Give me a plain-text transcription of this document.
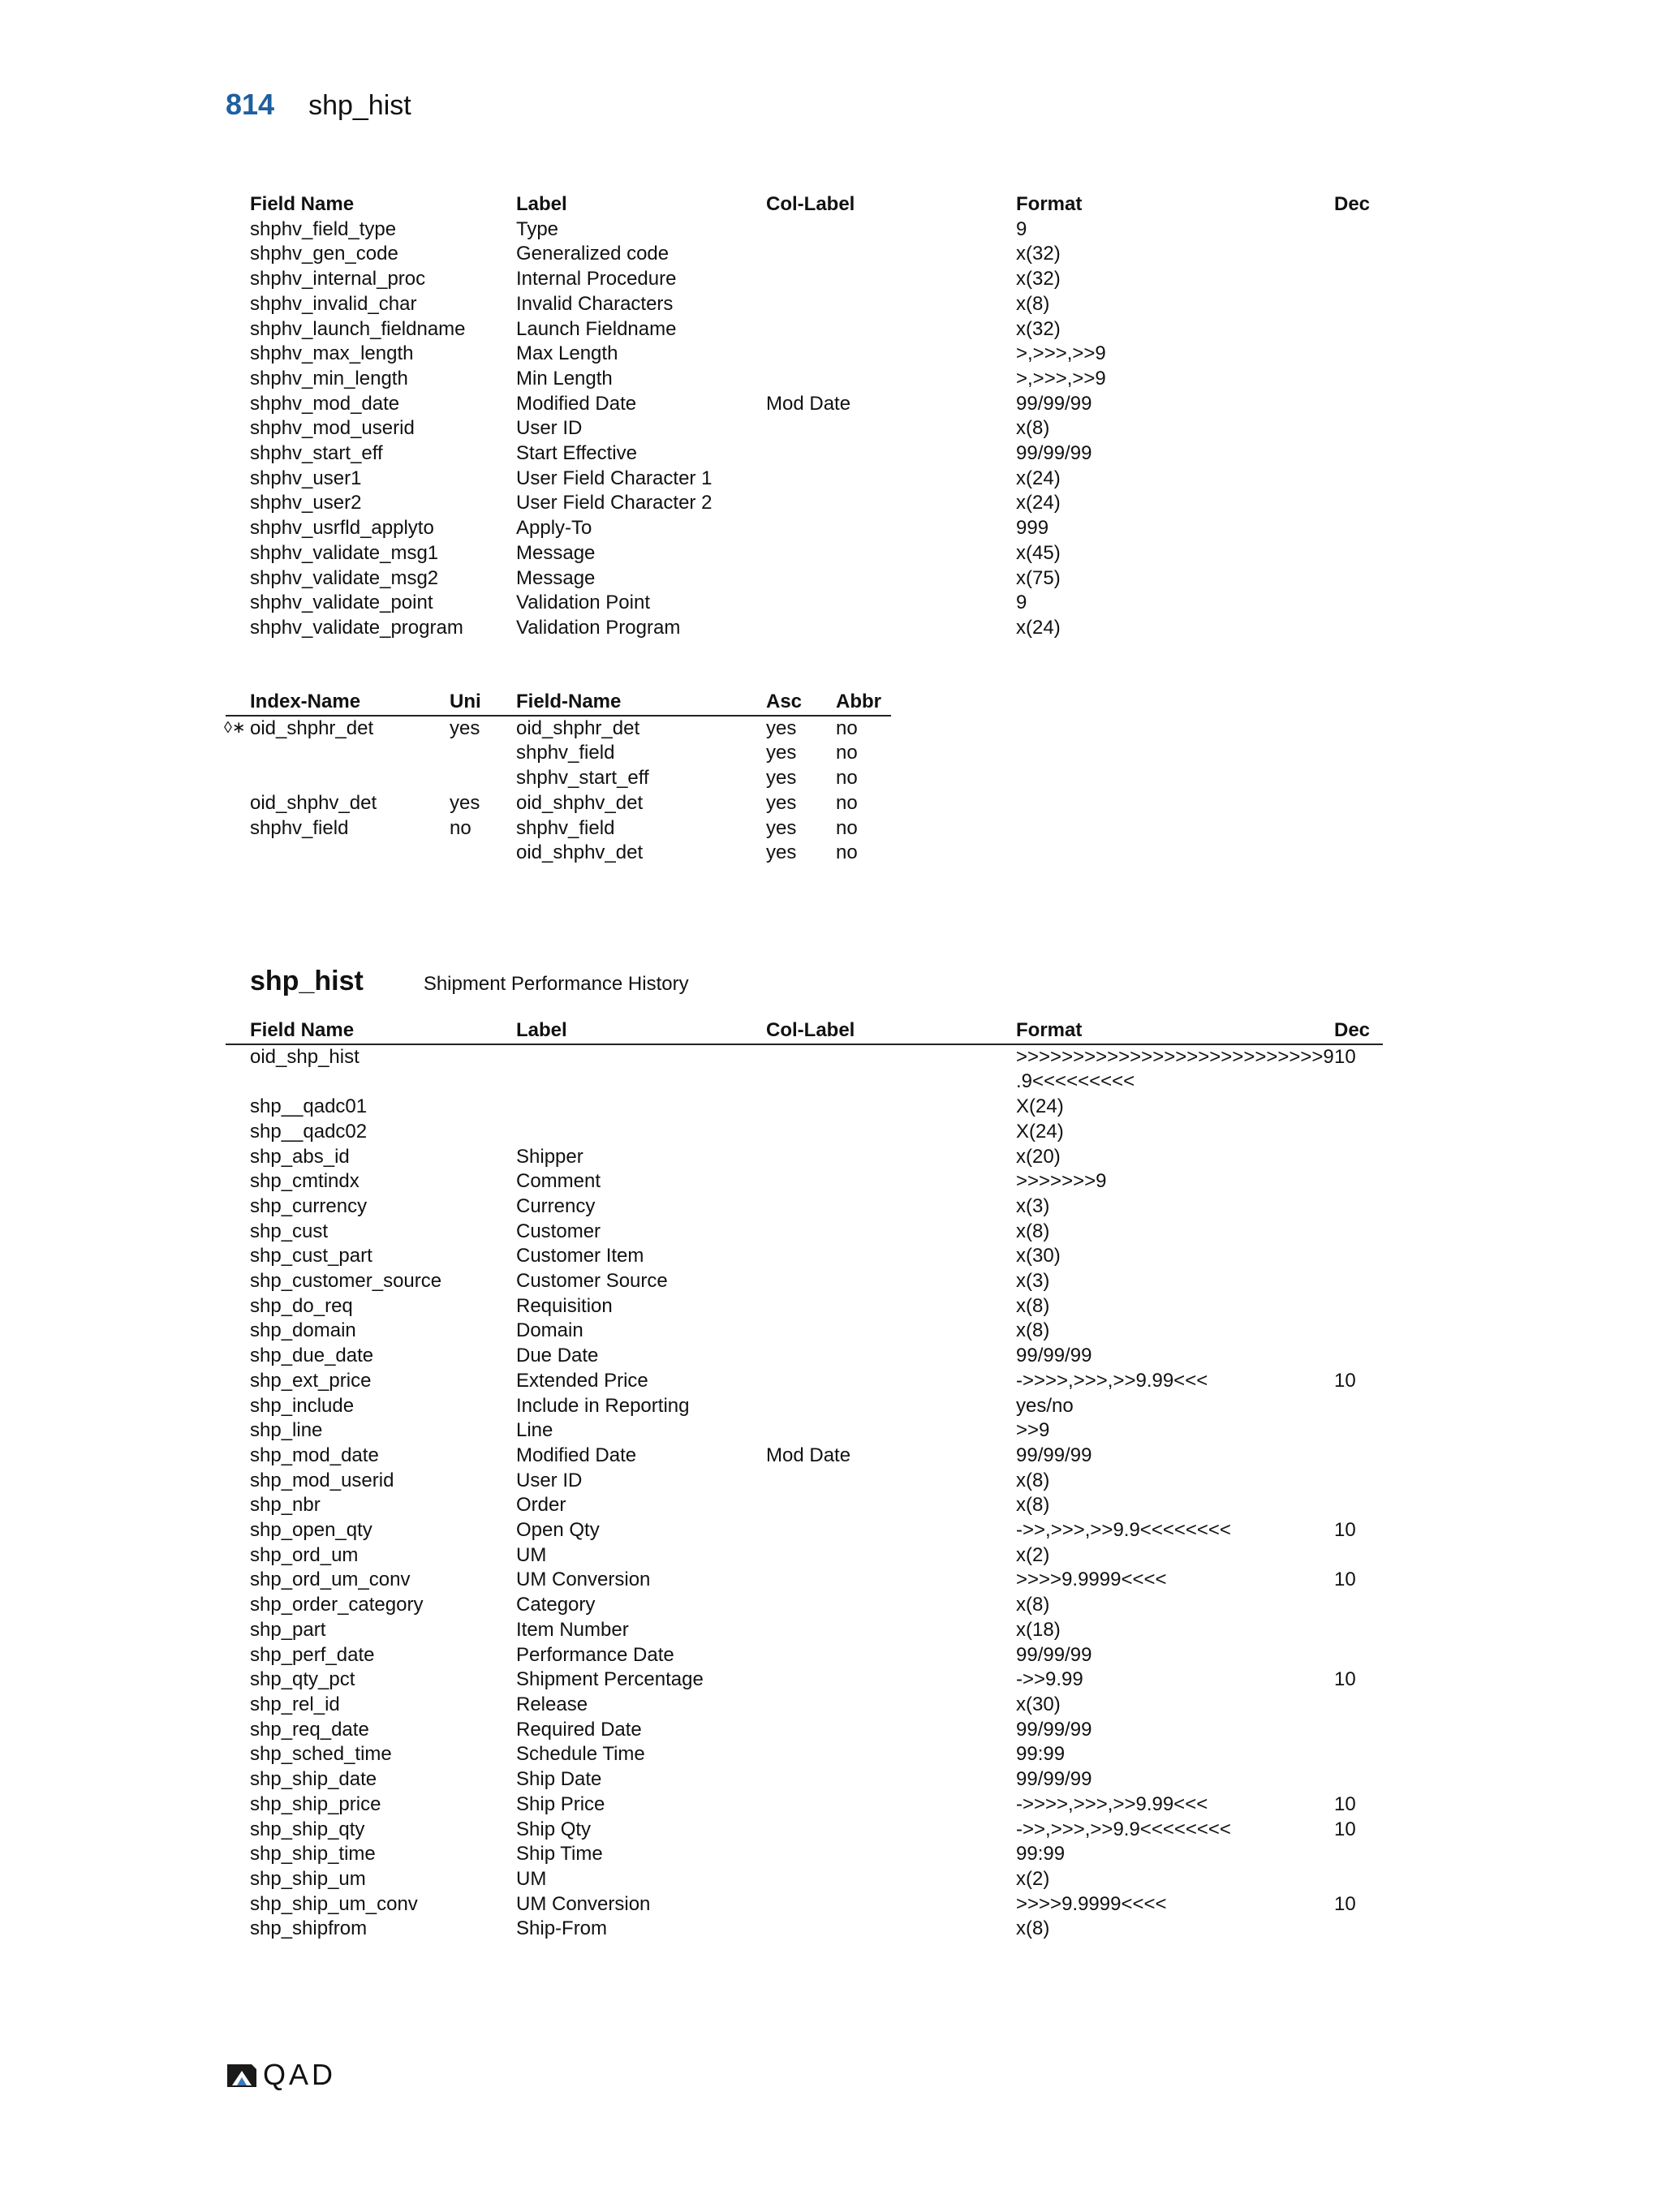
814 shp_hist
Field Name	Label	Col-Label	Format	Dec

shphv_field_type	Type		9	

shphv_gen_code	Generalized code		x(32)	

shphv_internal_proc	Internal Procedure		x(32)	

shphv_invalid_char	Invalid Characters		x(8)	

shphv_launch_fieldname	Launch Fieldname		x(32)	

shphv_max_length	Max Length		>,>>>,>>9	

shphv_min_length	Min Length		>,>>>,>>9	

shphv_mod_date	Modified Date	Mod Date	99/99/99	

shphv_mod_userid	User ID		x(8)	

shphv_start_eff	Start Effective		99/99/99	

shphv_user1	User Field Character 1		x(24)	

shphv_user2	User Field Character 2		x(24)	

shphv_usrfld_applyto	Apply-To		999	

shphv_validate_msg1	Message		x(45)	

shphv_validate_msg2	Message		x(75)	

shphv_validate_point	Validation Point		9	

shphv_validate_program	Validation Program		x(24)	

◊∗
Index-Name	Uni	Field-Name	Asc	Abbr

oid_shphr_det	yes	oid_shphr_det	yes	no

		shphv_field	yes	no

		shphv_start_eff	yes	no

oid_shphv_det	yes	oid_shphv_det	yes	no

shphv_field	no	shphv_field	yes	no

		oid_shphv_det	yes	no
shp_hist	Shipment Performance History
Field Name	Label	Col-Label	Format	Dec

oid_shp_hist			>>>>>>>>>>>>>>>>>>>>>>>>>>>9
.9<<<<<<<<<	10

shp__qadc01			X(24)	

shp__qadc02			X(24)	

shp_abs_id	Shipper		x(20)	

shp_cmtindx	Comment		>>>>>>>9	

shp_currency	Currency		x(3)	

shp_cust	Customer		x(8)	

shp_cust_part	Customer Item		x(30)	

shp_customer_source	Customer Source		x(3)	

shp_do_req	Requisition		x(8)	

shp_domain	Domain		x(8)	

shp_due_date	Due Date		99/99/99	

shp_ext_price	Extended Price		->>>>,>>>,>>9.99<<<	10

shp_include	Include in Reporting		yes/no	

shp_line	Line		>>9	

shp_mod_date	Modified Date	Mod Date	99/99/99	

shp_mod_userid	User ID		x(8)	

shp_nbr	Order		x(8)	

shp_open_qty	Open Qty		->>,>>>,>>9.9<<<<<<<<	10

shp_ord_um	UM		x(2)	

shp_ord_um_conv	UM Conversion		>>>>9.9999<<<<	10

shp_order_category	Category		x(8)	

shp_part	Item Number		x(18)	

shp_perf_date	Performance Date		99/99/99	

shp_qty_pct	Shipment Percentage		->>9.99	10

shp_rel_id	Release		x(30)	

shp_req_date	Required Date		99/99/99	

shp_sched_time	Schedule Time		99:99	

shp_ship_date	Ship Date		99/99/99	

shp_ship_price	Ship Price		->>>>,>>>,>>9.99<<<	10

shp_ship_qty	Ship Qty		->>,>>>,>>9.9<<<<<<<<	10

shp_ship_time	Ship Time		99:99	

shp_ship_um	UM		x(2)	

shp_ship_um_conv	UM Conversion		>>>>9.9999<<<<	10

shp_shipfrom	Ship-From		x(8)	

QAD
